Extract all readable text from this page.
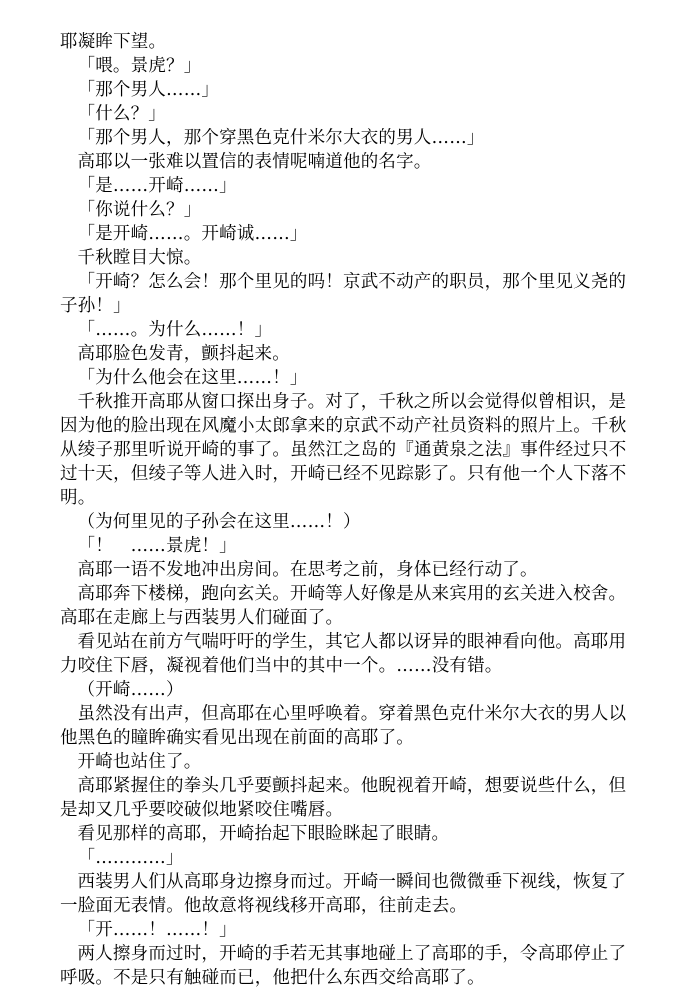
耶凝眸下望。

「喂。景虎？」

「那个男人……」

「什么？」

「那个男人，那个穿黑色克什米尔大衣的男人……」

高耶以一张难以置信的表情呢喃道他的名字。

「是……开崎……」

「你说什么？」

「是开崎……。开崎诚……」

千秋瞠目大惊。

「开崎？怎么会！那个里见的吗！京武不动产的职员，那个里见义尧的子孙！」

「……。为什么……！」

高耶脸色发青，颤抖起来。

「为什么他会在这里……！」

千秋推开高耶从窗口探出身子。对了，千秋之所以会觉得似曾相识，是因为他的脸出现在风魔小太郎拿来的京武不动产社员资料的照片上。千秋从绫子那里听说开崎的事了。虽然江之岛的『通黄泉之法』事件经过只不过十天，但绫子等人进入时，开崎已经不见踪影了。只有他一个人下落不明。

（为何里见的子孙会在这里……！）

「！　……景虎！」

高耶一语不发地冲出房间。在思考之前，身体已经行动了。

高耶奔下楼梯，跑向玄关。开崎等人好像是从来宾用的玄关进入校舍。高耶在走廊上与西装男人们碰面了。

看见站在前方气喘吁吁的学生，其它人都以讶异的眼神看向他。高耶用力咬住下唇，凝视着他们当中的其中一个。……没有错。

（开崎……）

虽然没有出声，但高耶在心里呼唤着。穿着黑色克什米尔大衣的男人以他黑色的瞳眸确实看见出现在前面的高耶了。

开崎也站住了。

高耶紧握住的拳头几乎要颤抖起来。他睨视着开崎，想要说些什么，但是却又几乎要咬破似地紧咬住嘴唇。

看见那样的高耶，开崎抬起下眼睑眯起了眼睛。

「…………」

西装男人们从高耶身边擦身而过。开崎一瞬间也微微垂下视线，恢复了一脸面无表情。他故意将视线移开高耶，往前走去。

「开……！……！」

两人擦身而过时，开崎的手若无其事地碰上了高耶的手，令高耶停止了呼吸。不是只有触碰而已，他把什么东西交给高耶了。
